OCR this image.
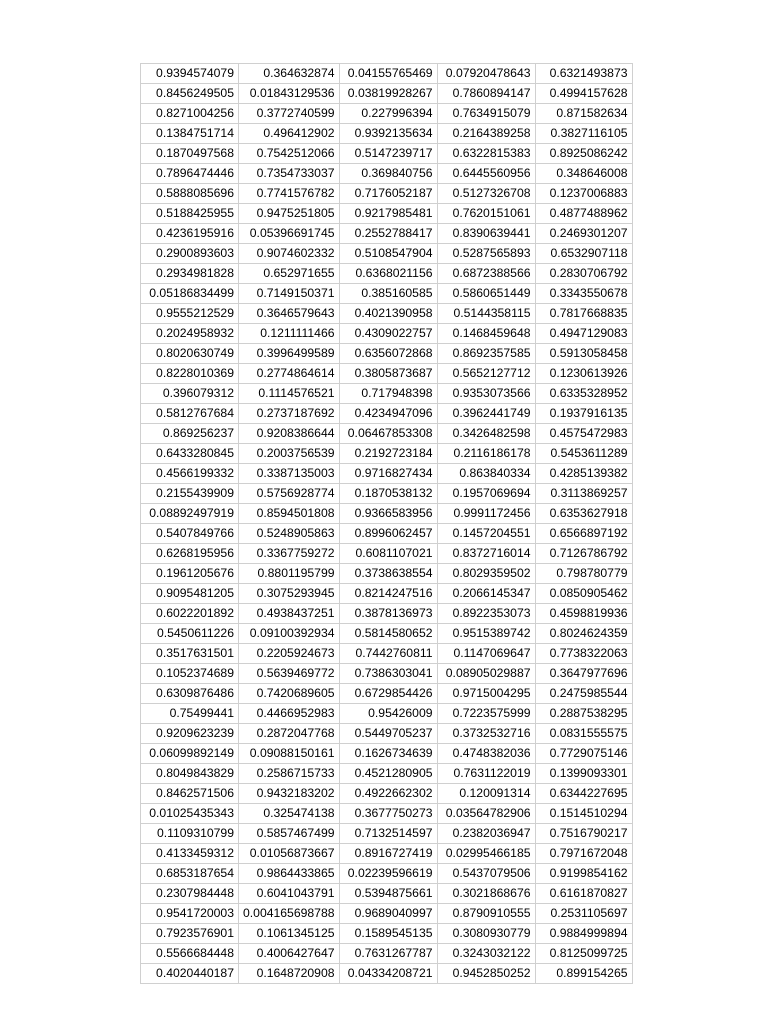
0.9394574079	0.364632874	0.04155765469	0.07920478643	0.6321493873
0.8456249505	0.01843129536	0.03819928267	0.7860894147	0.4994157628
0.8271004256	0.3772740599	0.227996394	0.7634915079	0.871582634
0.1384751714	0.496412902	0.9392135634	0.2164389258	0.3827116105
0.1870497568	0.7542512066	0.5147239717	0.6322815383	0.8925086242
0.7896474446	0.7354733037	0.369840756	0.6445560956	0.348646008
0.5888085696	0.7741576782	0.7176052187	0.5127326708	0.1237006883
0.5188425955	0.9475251805	0.9217985481	0.7620151061	0.4877488962
0.4236195916	0.05396691745	0.2552788417	0.8390639441	0.2469301207
0.2900893603	0.9074602332	0.5108547904	0.5287565893	0.6532907118
0.2934981828	0.652971655	0.6368021156	0.6872388566	0.2830706792
0.05186834499	0.7149150371	0.385160585	0.5860651449	0.3343550678
0.9555212529	0.3646579643	0.4021390958	0.5144358115	0.7817668835
0.2024958932	0.1211111466	0.4309022757	0.1468459648	0.4947129083
0.8020630749	0.3996499589	0.6356072868	0.8692357585	0.5913058458
0.8228010369	0.2774864614	0.3805873687	0.5652127712	0.1230613926
0.396079312	0.1114576521	0.717948398	0.9353073566	0.6335328952
0.5812767684	0.2737187692	0.4234947096	0.3962441749	0.1937916135
0.869256237	0.9208386644	0.06467853308	0.3426482598	0.4575472983
0.6433280845	0.2003756539	0.2192723184	0.2116186178	0.5453611289
0.4566199332	0.3387135003	0.9716827434	0.863840334	0.4285139382
0.2155439909	0.5756928774	0.1870538132	0.1957069694	0.3113869257
0.08892497919	0.8594501808	0.9366583956	0.9991172456	0.6353627918
0.5407849766	0.5248905863	0.8996062457	0.1457204551	0.6566897192
0.6268195956	0.3367759272	0.6081107021	0.8372716014	0.7126786792
0.1961205676	0.8801195799	0.3738638554	0.8029359502	0.798780779
0.9095481205	0.3075293945	0.8214247516	0.2066145347	0.0850905462
0.6022201892	0.4938437251	0.3878136973	0.8922353073	0.4598819936
0.5450611226	0.09100392934	0.5814580652	0.9515389742	0.8024624359
0.3517631501	0.2205924673	0.7442760811	0.1147069647	0.7738322063
0.1052374689	0.5639469772	0.7386303041	0.08905029887	0.3647977696
0.6309876486	0.7420689605	0.6729854426	0.9715004295	0.2475985544
0.75499441	0.4466952983	0.95426009	0.7223575999	0.2887538295
0.9209623239	0.2872047768	0.5449705237	0.3732532716	0.0831555575
0.06099892149	0.09088150161	0.1626734639	0.4748382036	0.7729075146
0.8049843829	0.2586715733	0.4521280905	0.7631122019	0.1399093301
0.8462571506	0.9432183202	0.4922662302	0.120091314	0.6344227695
0.01025435343	0.325474138	0.3677750273	0.03564782906	0.1514510294
0.1109310799	0.5857467499	0.7132514597	0.2382036947	0.7516790217
0.4133459312	0.01056873667	0.8916727419	0.02995466185	0.7971672048
0.6853187654	0.9864433865	0.02239596619	0.5437079506	0.9199854162
0.2307984448	0.6041043791	0.5394875661	0.3021868676	0.6161870827
0.9541720003	0.004165698788	0.9689040997	0.8790910555	0.2531105697
0.7923576901	0.1061345125	0.1589545135	0.3080930779	0.9884999894
0.5566684448	0.4006427647	0.7631267787	0.3243032122	0.8125099725
0.4020440187	0.1648720908	0.04334208721	0.9452850252	0.899154265
